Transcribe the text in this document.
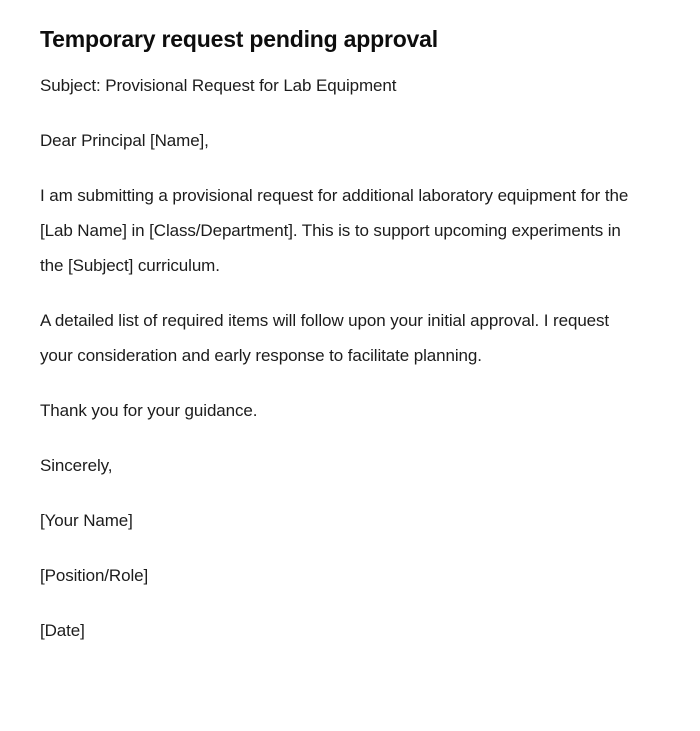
Temporary request pending approval

Subject: Provisional Request for Lab Equipment

Dear Principal [Name],

I am submitting a provisional request for additional laboratory equipment for the [Lab Name] in [Class/Department]. This is to support upcoming experiments in the [Subject] curriculum.

A detailed list of required items will follow upon your initial approval. I request your consideration and early response to facilitate planning.

Thank you for your guidance.

Sincerely,

[Your Name]

[Position/Role]

[Date]
